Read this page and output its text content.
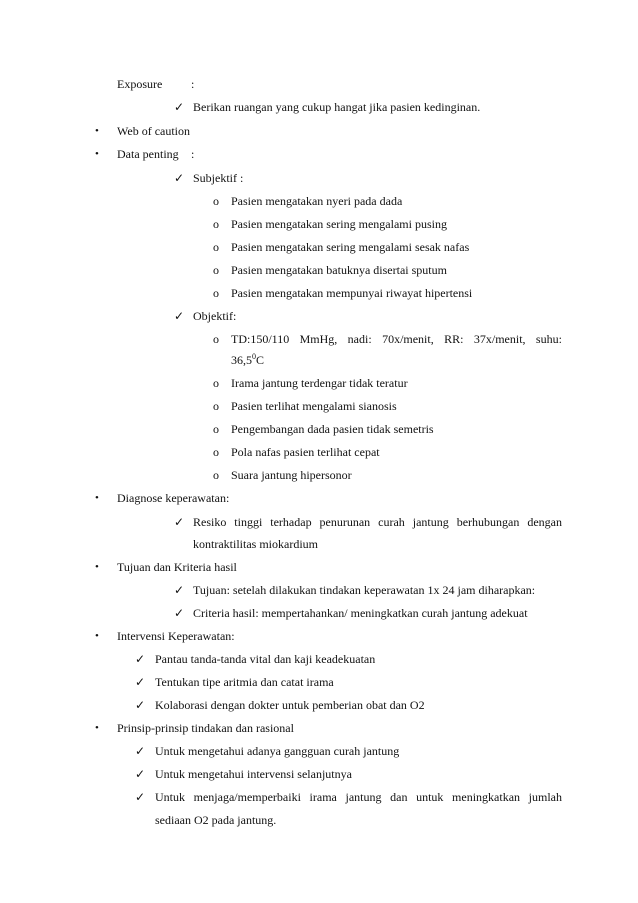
Exposure :
✓ Berikan ruangan yang cukup hangat jika pasien kedinginan.
• Web of caution
• Data penting :
✓ Subjektif :
o Pasien mengatakan nyeri pada dada
o Pasien mengatakan sering mengalami pusing
o Pasien mengatakan sering mengalami sesak nafas
o Pasien mengatakan batuknya disertai sputum
o Pasien mengatakan mempunyai riwayat hipertensi
✓ Objektif:
o TD:150/110 MmHg, nadi: 70x/menit, RR: 37x/menit, suhu:
36,5$^0$C
o Irama jantung terdengar tidak teratur
o Pasien terlihat mengalami sianosis
o Pengembangan dada pasien tidak semetris
o Pola nafas pasien terlihat cepat
o Suara jantung hipersonor
• Diagnose keperawatan:
✓ Resiko tinggi terhadap penurunan curah jantung berhubungan dengan
kontraktilitas miokardium
• Tujuan dan Kriteria hasil
✓ Tujuan: setelah dilakukan tindakan keperawatan 1x 24 jam diharapkan:
✓ Criteria hasil: mempertahankan/ meningkatkan curah jantung adekuat
• Intervensi Keperawatan:
✓ Pantau tanda-tanda vital dan kaji keadekuatan
✓ Tentukan tipe aritmia dan catat irama
✓ Kolaborasi dengan dokter untuk pemberian obat dan O2
• Prinsip-prinsip tindakan dan rasional
✓ Untuk mengetahui adanya gangguan curah jantung
✓ Untuk mengetahui intervensi selanjutnya
✓ Untuk menjaga/memperbaiki irama jantung dan untuk meningkatkan jumlah
sediaan O2 pada jantung.
